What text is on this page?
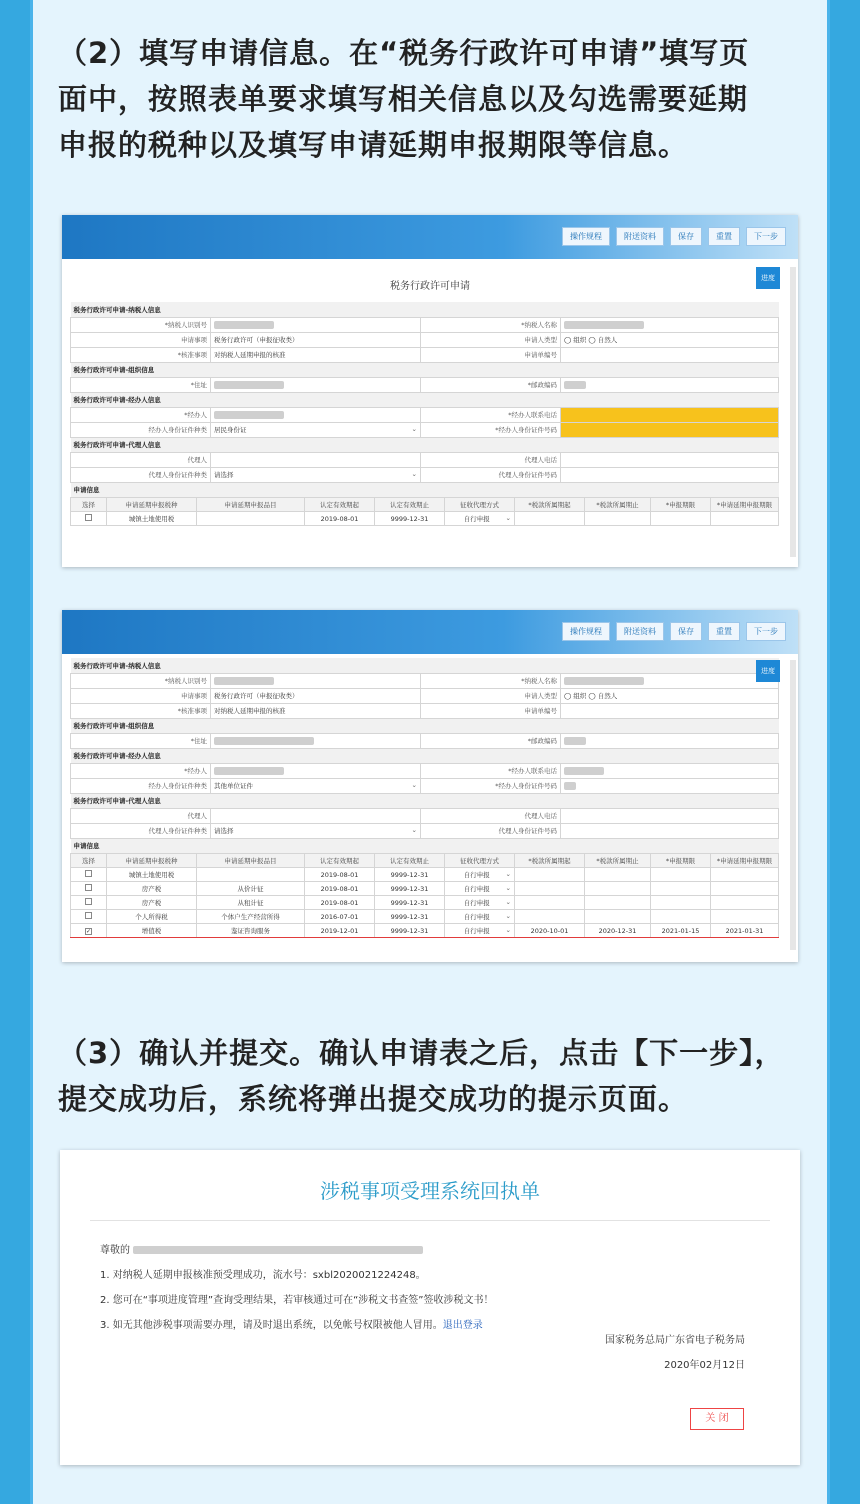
（2）填写申请信息。在“税务行政许可申请”填写页
面中，按照表单要求填写相关信息以及勾选需要延期
申报的税种以及填写申请延期申报期限等信息。
操作规程	附送资料	保存	重置	下一步
进度
税务行政许可申请
税务行政许可申请-纳税人信息			
*纳税人识别号		*纳税人名称	
申请事项	税务行政许可（申报征收类）	申请人类型	◯ 组织 ◯ 自然人
*核准事项	对纳税人延期申报的核准	申请单编号	
税务行政许可申请-组织信息			
*住址		*邮政编码	
税务行政许可申请-经办人信息			
*经办人		*经办人联系电话	
经办人身份证件种类	居民身份证 ⌄	*经办人身份证件号码	
税务行政许可申请-代理人信息			
代理人		代理人电话	
代理人身份证件种类	请选择 ⌄	代理人身份证件号码	
申请信息			
选择	申请延期申报税种	申请延期申报品目	认定有效期起	认定有效期止	征收代理方式	*税款所属期起	*税款所属期止	*申报期限	*申请延期申报期限
	城镇土地使用税		2019-08-01	9999-12-31	自行申报 ⌄				
操作规程	附送资料	保存	重置	下一步
进度
税务行政许可申请-纳税人信息			
*纳税人识别号		*纳税人名称	
申请事项	税务行政许可（申报征收类）	申请人类型	◯ 组织 ◯ 自然人
*核准事项	对纳税人延期申报的核准	申请单编号	
税务行政许可申请-组织信息			
*住址		*邮政编码	
税务行政许可申请-经办人信息			
*经办人		*经办人联系电话	
经办人身份证件种类	其他单位证件 ⌄	*经办人身份证件号码	
税务行政许可申请-代理人信息			
代理人		代理人电话	
代理人身份证件种类	请选择 ⌄	代理人身份证件号码	
申请信息			
选择	申请延期申报税种	申请延期申报品目	认定有效期起	认定有效期止	征收代理方式	*税款所属期起	*税款所属期止	*申报期限	*申请延期申报期限
	城镇土地使用税		2019-08-01	9999-12-31	自行申报 ⌄				
	房产税	从价计征	2019-08-01	9999-12-31	自行申报 ⌄				
	房产税	从租计征	2019-08-01	9999-12-31	自行申报 ⌄				
	个人所得税	个体户生产经营所得	2016-07-01	9999-12-31	自行申报 ⌄				
✓	增值税	鉴证咨询服务	2019-12-01	9999-12-31	自行申报 ⌄	2020-10-01	2020-12-31	2021-01-15	2021-01-31
（3）确认并提交。确认申请表之后，点击【下一步】，
提交成功后，系统将弹出提交成功的提示页面。
涉税事项受理系统回执单
尊敬的
1. 对纳税人延期申报核准预受理成功，流水号：sxbl2020021224248。
2. 您可在“事项进度管理”查询受理结果，若审核通过可在“涉税文书查签”签收涉税文书！
3. 如无其他涉税事项需要办理，请及时退出系统，以免帐号权限被他人冒用。退出登录
国家税务总局广东省电子税务局
2020年02月12日
关 闭
